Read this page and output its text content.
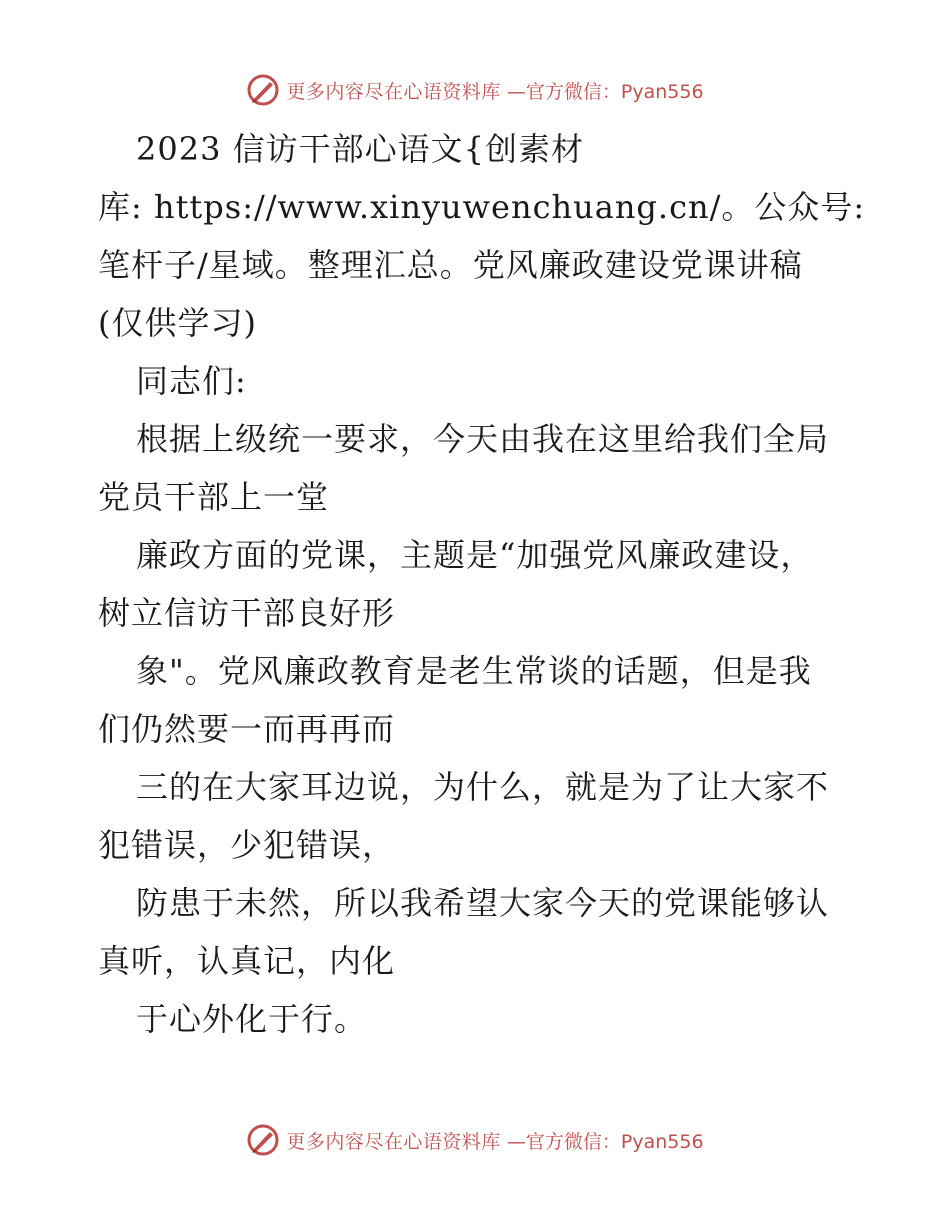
更多内容尽在心语资料库 —官方微信：Pyan556
2023 信访干部心语文{创素材
库: https://www.xinyuwenchuang.cn/。公众号:
笔杆子/星域。整理汇总。党风廉政建设党课讲稿
(仅供学习)
同志们:
根据上级统一要求，今天由我在这里给我们全局
党员干部上一堂
廉政方面的党课，主题是“加强党风廉政建设，
树立信访干部良好形
象"。党风廉政教育是老生常谈的话题，但是我
们仍然要一而再再而
三的在大家耳边说，为什么，就是为了让大家不
犯错误，少犯错误，
防患于未然，所以我希望大家今天的党课能够认
真听，认真记，内化
于心外化于行。
更多内容尽在心语资料库 —官方微信：Pyan556
